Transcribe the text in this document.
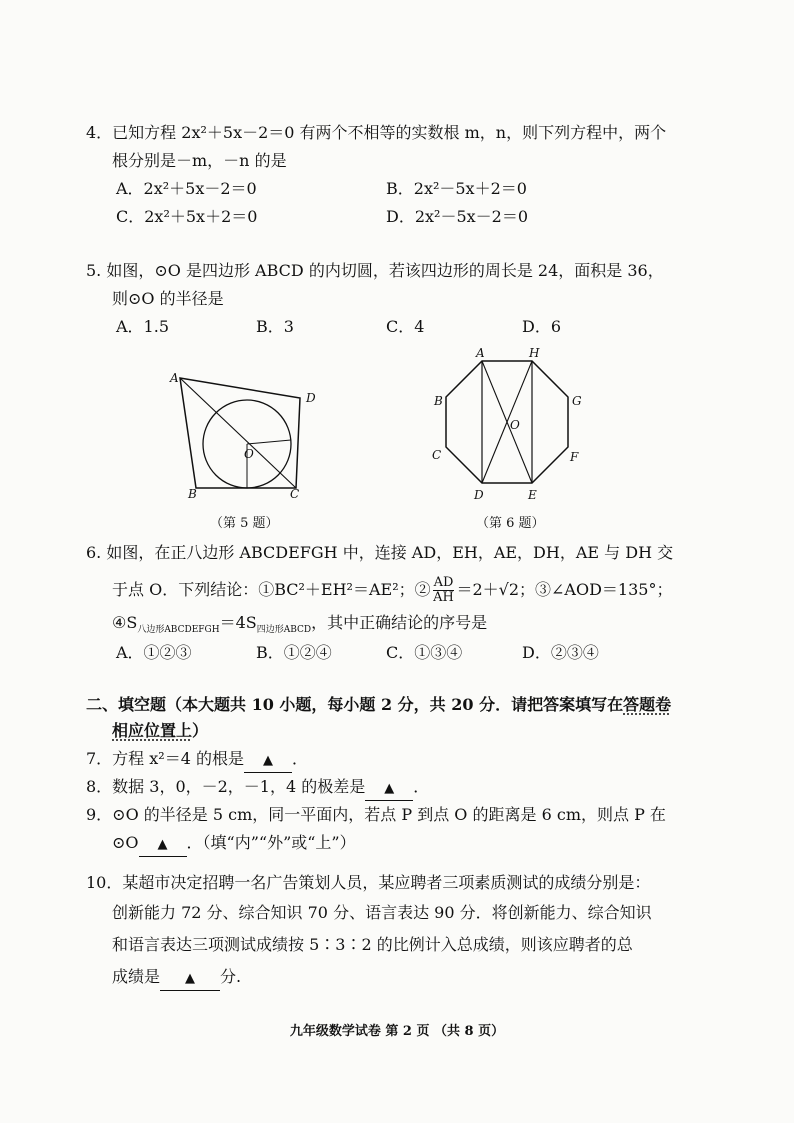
4．已知方程 2x²＋5x－2＝0 有两个不相等的实数根 m，n，则下列方程中，两个
根分别是－m，－n 的是
A．2x²＋5x－2＝0	B．2x²－5x＋2＝0
C．2x²＋5x＋2＝0	D．2x²－5x－2＝0
5. 如图，⊙O 是四边形 ABCD 的内切圆，若该四边形的周长是 24，面积是 36，
则⊙O 的半径是
A．1.5	B．3	C．4	D．6
A
D
B	C
O
（第 5 题）
A	H
B	G
C	F
D	E
O
（第 6 题）
6. 如图，在正八边形 ABCDEFGH 中，连接 AD，EH，AE，DH，AE 与 DH 交
于点 O．下列结论：①BC²＋EH²＝AE²；② $\frac{AD}{AH} =2+√2$；③∠AOD＝135°；
$④S_{八边形ABCDEFGH}=4S_{四边形ABCD}$，其中正确结论的序号是
A．①②③	B．①②④	C．①③④	D．②③④
二、填空题（本大题共 10 小题，每小题 2 分，共 20 分．请把答案填写在答题卷
相应位置上）
7．方程 x²＝4 的根是 ▲ ．
8．数据 3，0，－2，－1，4 的极差是 ▲ ．
9．⊙O 的半径是 5 cm，同一平面内，若点 P 到点 O 的距离是 6 cm，则点 P 在
⊙O ▲ ．（填“内”“外”或“上”）
10．某超市决定招聘一名广告策划人员，某应聘者三项素质测试的成绩分别是：
创新能力 72 分、综合知识 70 分、语言表达 90 分．将创新能力、综合知识
和语言表达三项测试成绩按 5∶3∶2 的比例计入总成绩，则该应聘者的总
成绩是 ▲ 分.
九年级数学试卷 第 2 页 （共 8 页）
